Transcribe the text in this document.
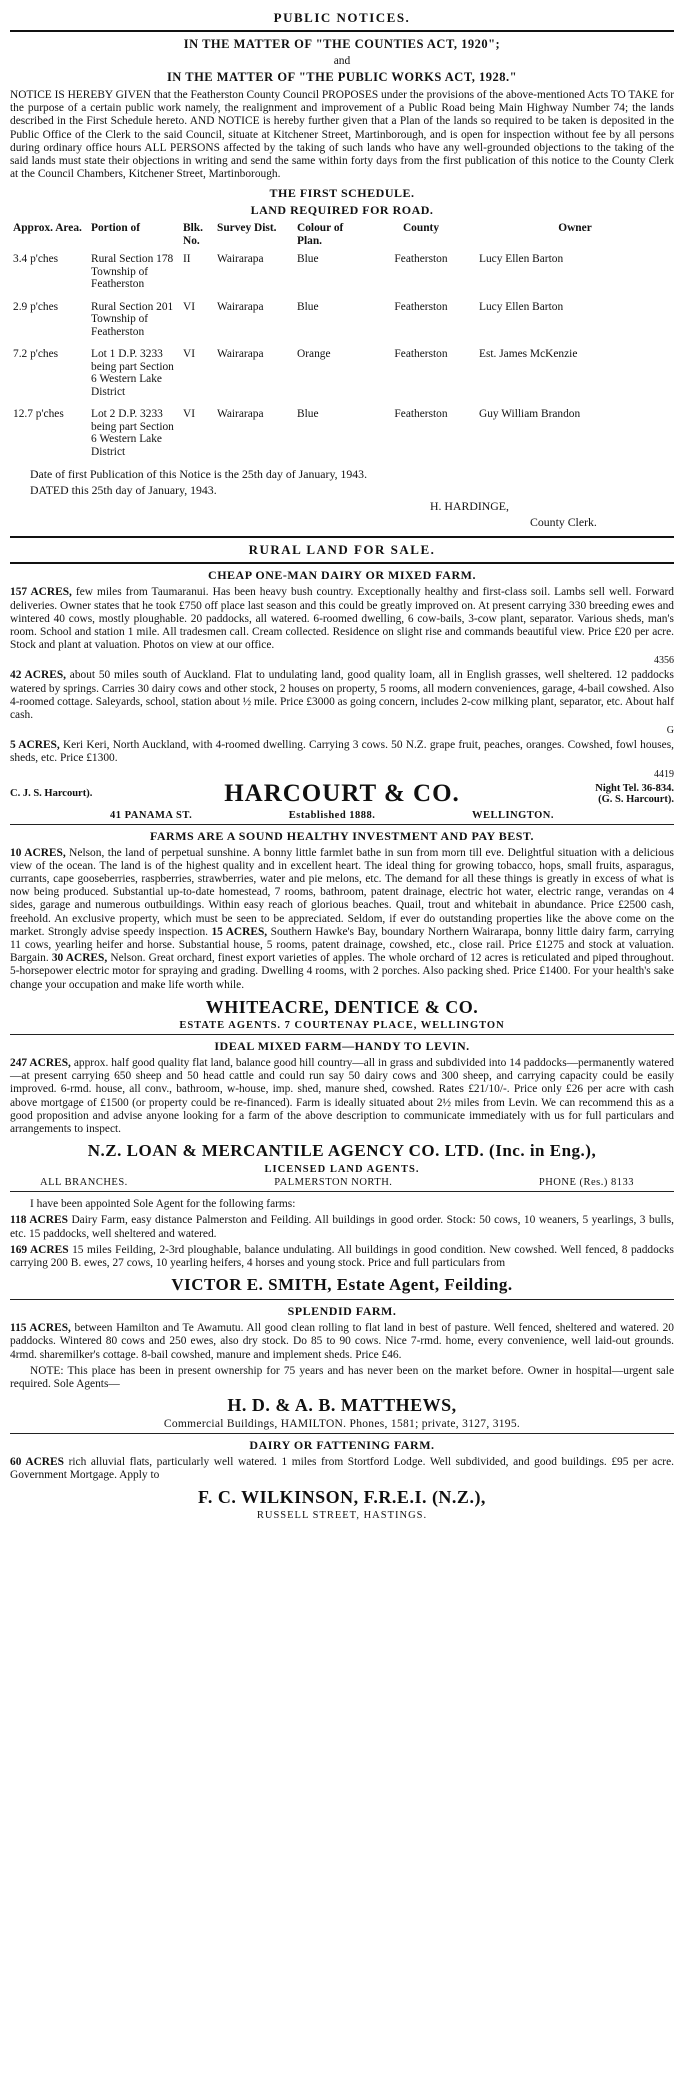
PUBLIC NOTICES.
IN THE MATTER OF "THE COUNTIES ACT, 1920";
and
IN THE MATTER OF "THE PUBLIC WORKS ACT, 1928."

NOTICE IS HEREBY GIVEN that the Featherston County Council PROPOSES under the provisions of the above-mentioned Acts TO TAKE for the purpose of a certain public work namely, the realignment and improvement of a Public Road being Main Highway Number 74; the lands described in the First Schedule hereto. AND NOTICE is hereby further given that a Plan of the lands so required to be taken is deposited in the Public Office of the Clerk to the said Council, situate at Kitchener Street, Martinborough, and is open for inspection without fee by all persons during ordinary office hours ALL PERSONS affected by the taking of such lands who have any well-grounded objections to the taking of the said lands must state their objections in writing and send the same within forty days from the first publication of this notice to the County Clerk at the Council Chambers, Kitchener Street, Martinborough.

THE FIRST SCHEDULE.
LAND REQUIRED FOR ROAD.
Approx. Area.	Portion of	Blk. No.	Survey Dist.	Colour of Plan.	County	Owner
3.4 p'ches	Rural Section 178 Township of Featherston	II	Wairarapa	Blue	Featherston	Lucy Ellen Barton
2.9 p'ches	Rural Section 201 Township of Featherston	VI	Wairarapa	Blue	Featherston	Lucy Ellen Barton
7.2 p'ches	Lot 1 D.P. 3233 being part Section 6 Western Lake District	VI	Wairarapa	Orange	Featherston	Est. James McKenzie
12.7 p'ches	Lot 2 D.P. 3233 being part Section 6 Western Lake District	VI	Wairarapa	Blue	Featherston	Guy William Brandon

Date of first Publication of this Notice is the 25th day of January, 1943.

DATED this 25th day of January, 1943.

H. HARDINGE,

County Clerk.

RURAL LAND FOR SALE.
CHEAP ONE-MAN DAIRY OR MIXED FARM.

157 ACRES, few miles from Taumaranui. Has been heavy bush country. Exceptionally healthy and first-class soil. Lambs sell well. Forward deliveries. Owner states that he took £750 off place last season and this could be greatly improved on. At present carrying 330 breeding ewes and wintered 40 cows, mostly ploughable. 20 paddocks, all watered. 6-roomed dwelling, 6 cow-bails, 3-cow plant, separator. Various sheds, man's room. School and station 1 mile. All tradesmen call. Cream collected. Residence on slight rise and commands beautiful view. Price £20 per acre. Stock and plant at valuation. Photos on view at our office.

4356

42 ACRES, about 50 miles south of Auckland. Flat to undulating land, good quality loam, all in English grasses, well sheltered. 12 paddocks watered by springs. Carries 30 dairy cows and other stock, 2 houses on property, 5 rooms, all modern conveniences, garage, 4-bail cowshed. Also 4-roomed cottage. Saleyards, school, station about ½ mile. Price £3000 as going concern, includes 2-cow milking plant, separator, etc. About half cash.

G

5 ACRES, Keri Keri, North Auckland, with 4-roomed dwelling. Carrying 3 cows. 50 N.Z. grape fruit, peaches, oranges. Cowshed, fowl houses, sheds, etc. Price £1300.

4419

C. J. S. Harcourt).	HARCOURT & CO.	Night Tel. 36-834.
(G. S. Harcourt).
41 PANAMA ST.	Established 1888.	WELLINGTON.
FARMS ARE A SOUND HEALTHY INVESTMENT AND PAY BEST.

10 ACRES, Nelson, the land of perpetual sunshine. A bonny little farmlet bathe in sun from morn till eve. Delightful situation with a delicious view of the ocean. The land is of the highest quality and in excellent heart. The ideal thing for growing tobacco, hops, small fruits, asparagus, currants, cape gooseberries, raspberries, strawberries, water and pie melons, etc. The demand for all these things is greatly in excess of what is now being produced. Substantial up-to-date homestead, 7 rooms, bathroom, patent drainage, electric hot water, electric range, verandas on 4 sides, garage and numerous outbuildings. Within easy reach of glorious beaches. Quail, trout and whitebait in abundance. Price £2500 cash, freehold. An exclusive property, which must be seen to be appreciated. Seldom, if ever do outstanding properties like the above come on the market. Strongly advise speedy inspection. 15 ACRES, Southern Hawke's Bay, boundary Northern Wairarapa, bonny little dairy farm, carrying 11 cows, yearling heifer and horse. Substantial house, 5 rooms, patent drainage, cowshed, etc., close rail. Price £1275 and stock at valuation. Bargain. 30 ACRES, Nelson. Great orchard, finest export varieties of apples. The whole orchard of 12 acres is reticulated and piped throughout. 5-horsepower electric motor for spraying and grading. Dwelling 4 rooms, with 2 porches. Also packing shed. Price £1400. For your health's sake change your occupation and make life worth while.

WHITEACRE, DENTICE & CO.
ESTATE AGENTS. 7 COURTENAY PLACE, WELLINGTON
IDEAL MIXED FARM—HANDY TO LEVIN.

247 ACRES, approx. half good quality flat land, balance good hill country—all in grass and subdivided into 14 paddocks—permanently watered—at present carrying 650 sheep and 50 head cattle and could run say 50 dairy cows and 300 sheep, and carrying capacity could be easily improved. 6-rmd. house, all conv., bathroom, w-house, imp. shed, manure shed, cowshed. Rates £21/10/-. Price only £26 per acre with cash above mortgage of £1500 (or property could be re-financed). Farm is ideally situated about 2½ miles from Levin. We can recommend this as a good proposition and advise anyone looking for a farm of the above description to communicate immediately with us for full particulars and arrangements to inspect.

N.Z. LOAN & MERCANTILE AGENCY CO. LTD. (Inc. in Eng.),
LICENSED LAND AGENTS.
ALL BRANCHES.	PALMERSTON NORTH.	PHONE (Res.) 8133

I have been appointed Sole Agent for the following farms:

118 ACRES Dairy Farm, easy distance Palmerston and Feilding. All buildings in good order. Stock: 50 cows, 10 weaners, 5 yearlings, 3 bulls, etc. 15 paddocks, well sheltered and watered.

169 ACRES 15 miles Feilding, 2-3rd ploughable, balance undulating. All buildings in good condition. New cowshed. Well fenced, 8 paddocks carrying 200 B. ewes, 27 cows, 10 yearling heifers, 4 horses and young stock. Price and full particulars from

VICTOR E. SMITH, Estate Agent, Feilding.
SPLENDID FARM.

115 ACRES, between Hamilton and Te Awamutu. All good clean rolling to flat land in best of pasture. Well fenced, sheltered and watered. 20 paddocks. Wintered 80 cows and 250 ewes, also dry stock. Do 85 to 90 cows. Nice 7-rmd. home, every convenience, well laid-out grounds. 4rmd. sharemilker's cottage. 8-bail cowshed, manure and implement sheds. Price £46.

NOTE: This place has been in present ownership for 75 years and has never been on the market before. Owner in hospital—urgent sale required. Sole Agents—

H. D. & A. B. MATTHEWS,
Commercial Buildings, HAMILTON. Phones, 1581; private, 3127, 3195.
DAIRY OR FATTENING FARM.

60 ACRES rich alluvial flats, particularly well watered. 1 miles from Stortford Lodge. Well subdivided, and good buildings. £95 per acre. Government Mortgage. Apply to

F. C. WILKINSON, F.R.E.I. (N.Z.),
RUSSELL STREET, HASTINGS.
